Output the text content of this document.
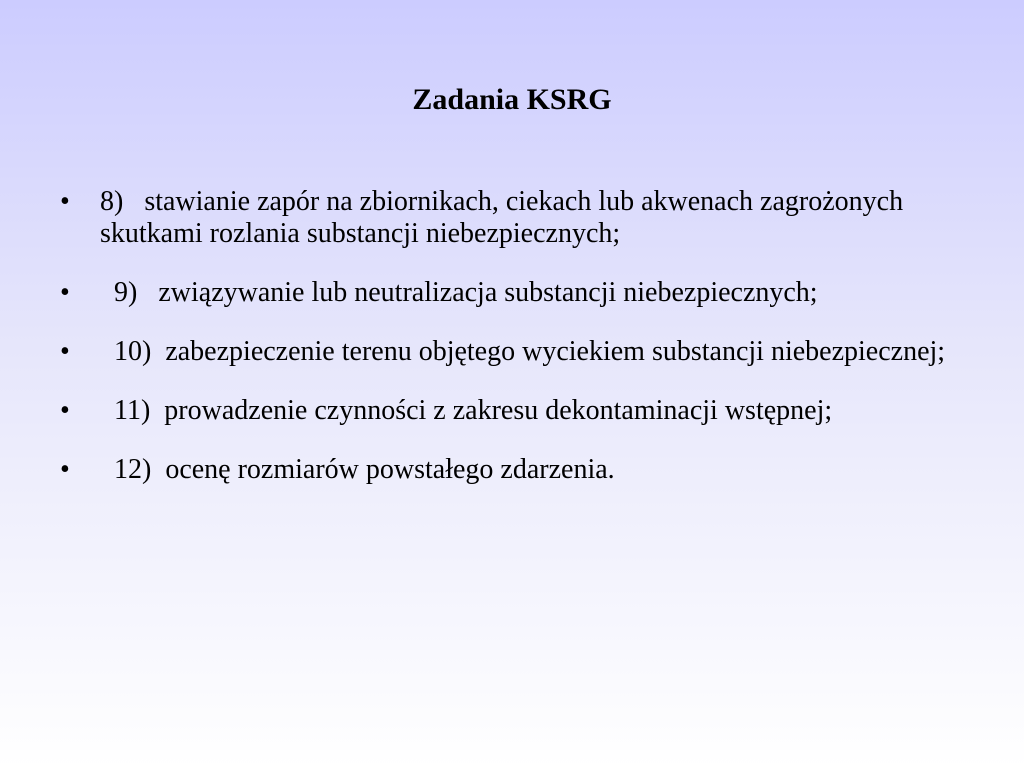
Zadania KSRG
• 8) stawianie zapór na zbiornikach, ciekach lub akwenach zagrożonych skutkami rozlania substancji niebezpiecznych;
• 9)   związywanie lub neutralizacja substancji niebezpiecznych;
• 10) zabezpieczenie terenu objętego wyciekiem substancji niebezpiecznej;
• 11) prowadzenie czynności z zakresu dekontaminacji wstępnej;
• 12) ocenę rozmiarów powstałego zdarzenia.
